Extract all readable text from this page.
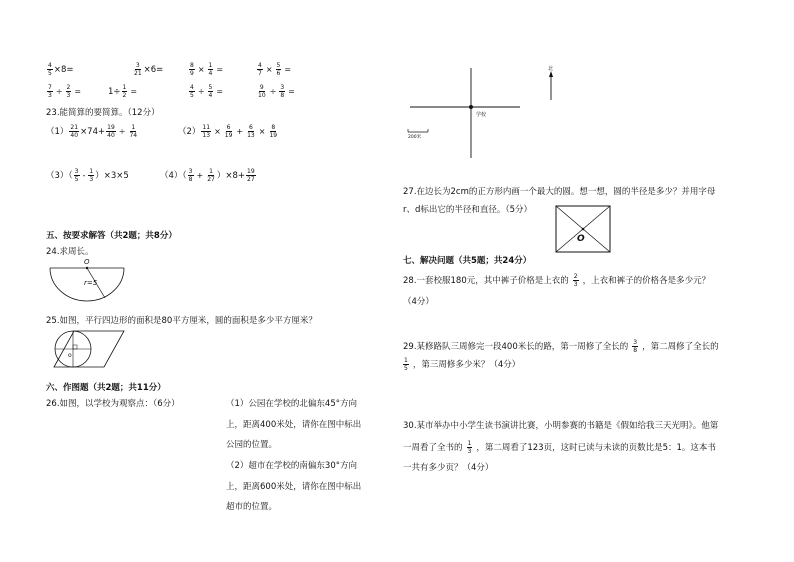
$\frac{4}{5} \times 8=$	$\frac{3}{21} \times 6=$	$\frac{8}{9} \times \frac{1}{4}$ =	$\frac{4}{7} \times \frac{5}{6}$ =
$\frac{7}{3} \div \frac{2}{3}$ =	$1\div \frac{1}{2}$ =	$\frac{4}{5} \div \frac{5}{4}$ =	$\frac{9}{10} \div \frac{3}{8}$ =
23.能简算的要简算。（12分）
$(1) \frac{21}{40} \times 74+ \frac{19}{40} \div \frac{1}{74}$	$(2) \frac{11}{13} \times \frac{6}{19} + \frac{6}{13} \times \frac{8}{19}$
（3）（ 3
5 - 1
3 ）×3×5	（4）（ 3
$8 + \frac{1}{27} )\times 8+ \frac{19}{27}$
五、按要求解答（共2题；共8分）
24.求周长。
O
r=5
25.如图，平行四边形的面积是80平方厘米，圆的面积是多少平方厘米？
o
六、作图题（共2题；共11分）
26.如图，以学校为观察点：（6分）	（1）公园在学校的北偏东45°方向
上，距离400米处，请你在图中标出
公园的位置。
（2）超市在学校的南偏东30°方向
上，距离600米处，请你在图中标出
超市的位置。
学校
北
200米
27.在边长为2cm的正方形内画一个最大的圆。想一想，圆的半径是多少？并用字母
r、d标出它的半径和直径。（5分）
O
七、解决问题（共5题；共24分）
28.一套校服180元，其中裤子价格是上衣的 2
3 ，上衣和裤子的价格各是多少元？
（4分）
29.某修路队三周修完一段400米长的路，第一周修了全长的 3
8 ，第二周修了全长的
1
5 ，第三周修多少米？（4分）
30.某市举办中小学生读书演讲比赛，小明参赛的书籍是《假如给我三天光明》。他第
一周看了全书的 1
3 ，第二周看了123页，这时已读与未读的页数比是5：1。这本书
一共有多少页？（4分）
